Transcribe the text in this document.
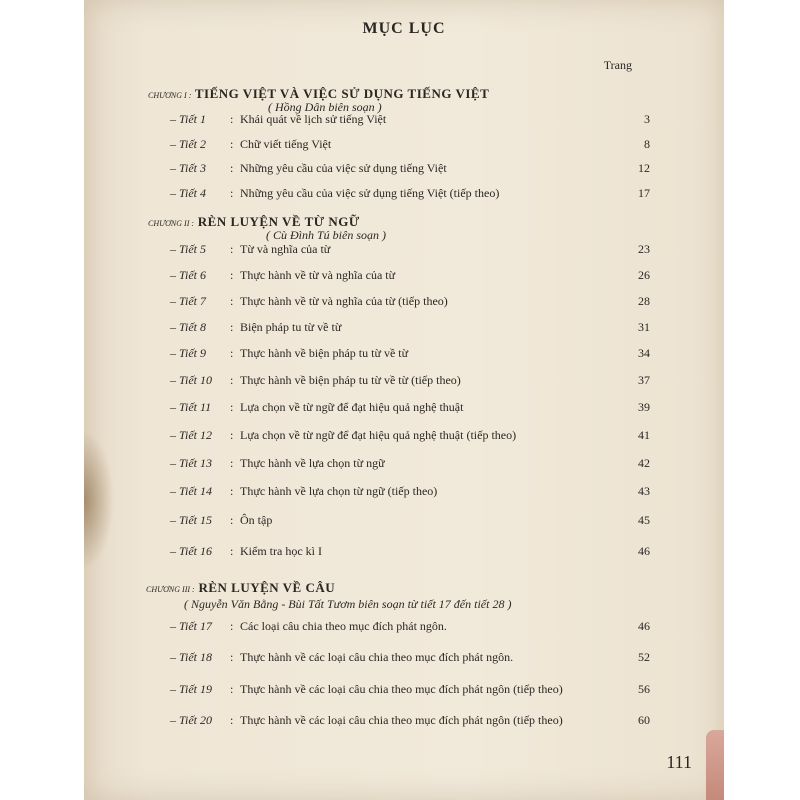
MỤC LỤC
Trang
CHƯƠNG I : TIẾNG VIỆT VÀ VIỆC SỬ DỤNG TIẾNG VIỆT
( Hồng Dân biên soạn )
– Tiết 1 : Khái quát về lịch sử tiếng Việt	3
– Tiết 2 : Chữ viết tiếng Việt	8
– Tiết 3 : Những yêu cầu của việc sử dụng tiếng Việt	12
– Tiết 4 : Những yêu cầu của việc sử dụng tiếng Việt (tiếp theo)	17
CHƯƠNG II : RÈN LUYỆN VỀ TỪ NGỮ
( Cù Đình Tú biên soạn )
– Tiết 5 : Từ và nghĩa của từ	23
– Tiết 6 : Thực hành về từ và nghĩa của từ	26
– Tiết 7 : Thực hành về từ và nghĩa của từ (tiếp theo)	28
– Tiết 8 : Biện pháp tu từ về từ	31
– Tiết 9 : Thực hành về biện pháp tu từ về từ	34
– Tiết 10 : Thực hành về biện pháp tu từ về từ (tiếp theo)	37
– Tiết 11 : Lựa chọn về từ ngữ để đạt hiệu quả nghệ thuật	39
– Tiết 12 : Lựa chọn về từ ngữ để đạt hiệu quả nghệ thuật (tiếp theo)	41
– Tiết 13 : Thực hành về lựa chọn từ ngữ	42
– Tiết 14 : Thực hành về lựa chọn từ ngữ (tiếp theo)	43
– Tiết 15 : Ôn tập	45
– Tiết 16 : Kiểm tra học kì I	46
CHƯƠNG III : RÈN LUYỆN VỀ CÂU
( Nguyễn Văn Bằng - Bùi Tất Tươm biên soạn từ tiết 17 đến tiết 28 )
– Tiết 17 : Các loại câu chia theo mục đích phát ngôn.	46
– Tiết 18 : Thực hành về các loại câu chia theo mục đích phát ngôn.	52
– Tiết 19 : Thực hành về các loại câu chia theo mục đích phát ngôn (tiếp theo)	56
– Tiết 20 : Thực hành về các loại câu chia theo mục đích phát ngôn (tiếp theo)	60
111
